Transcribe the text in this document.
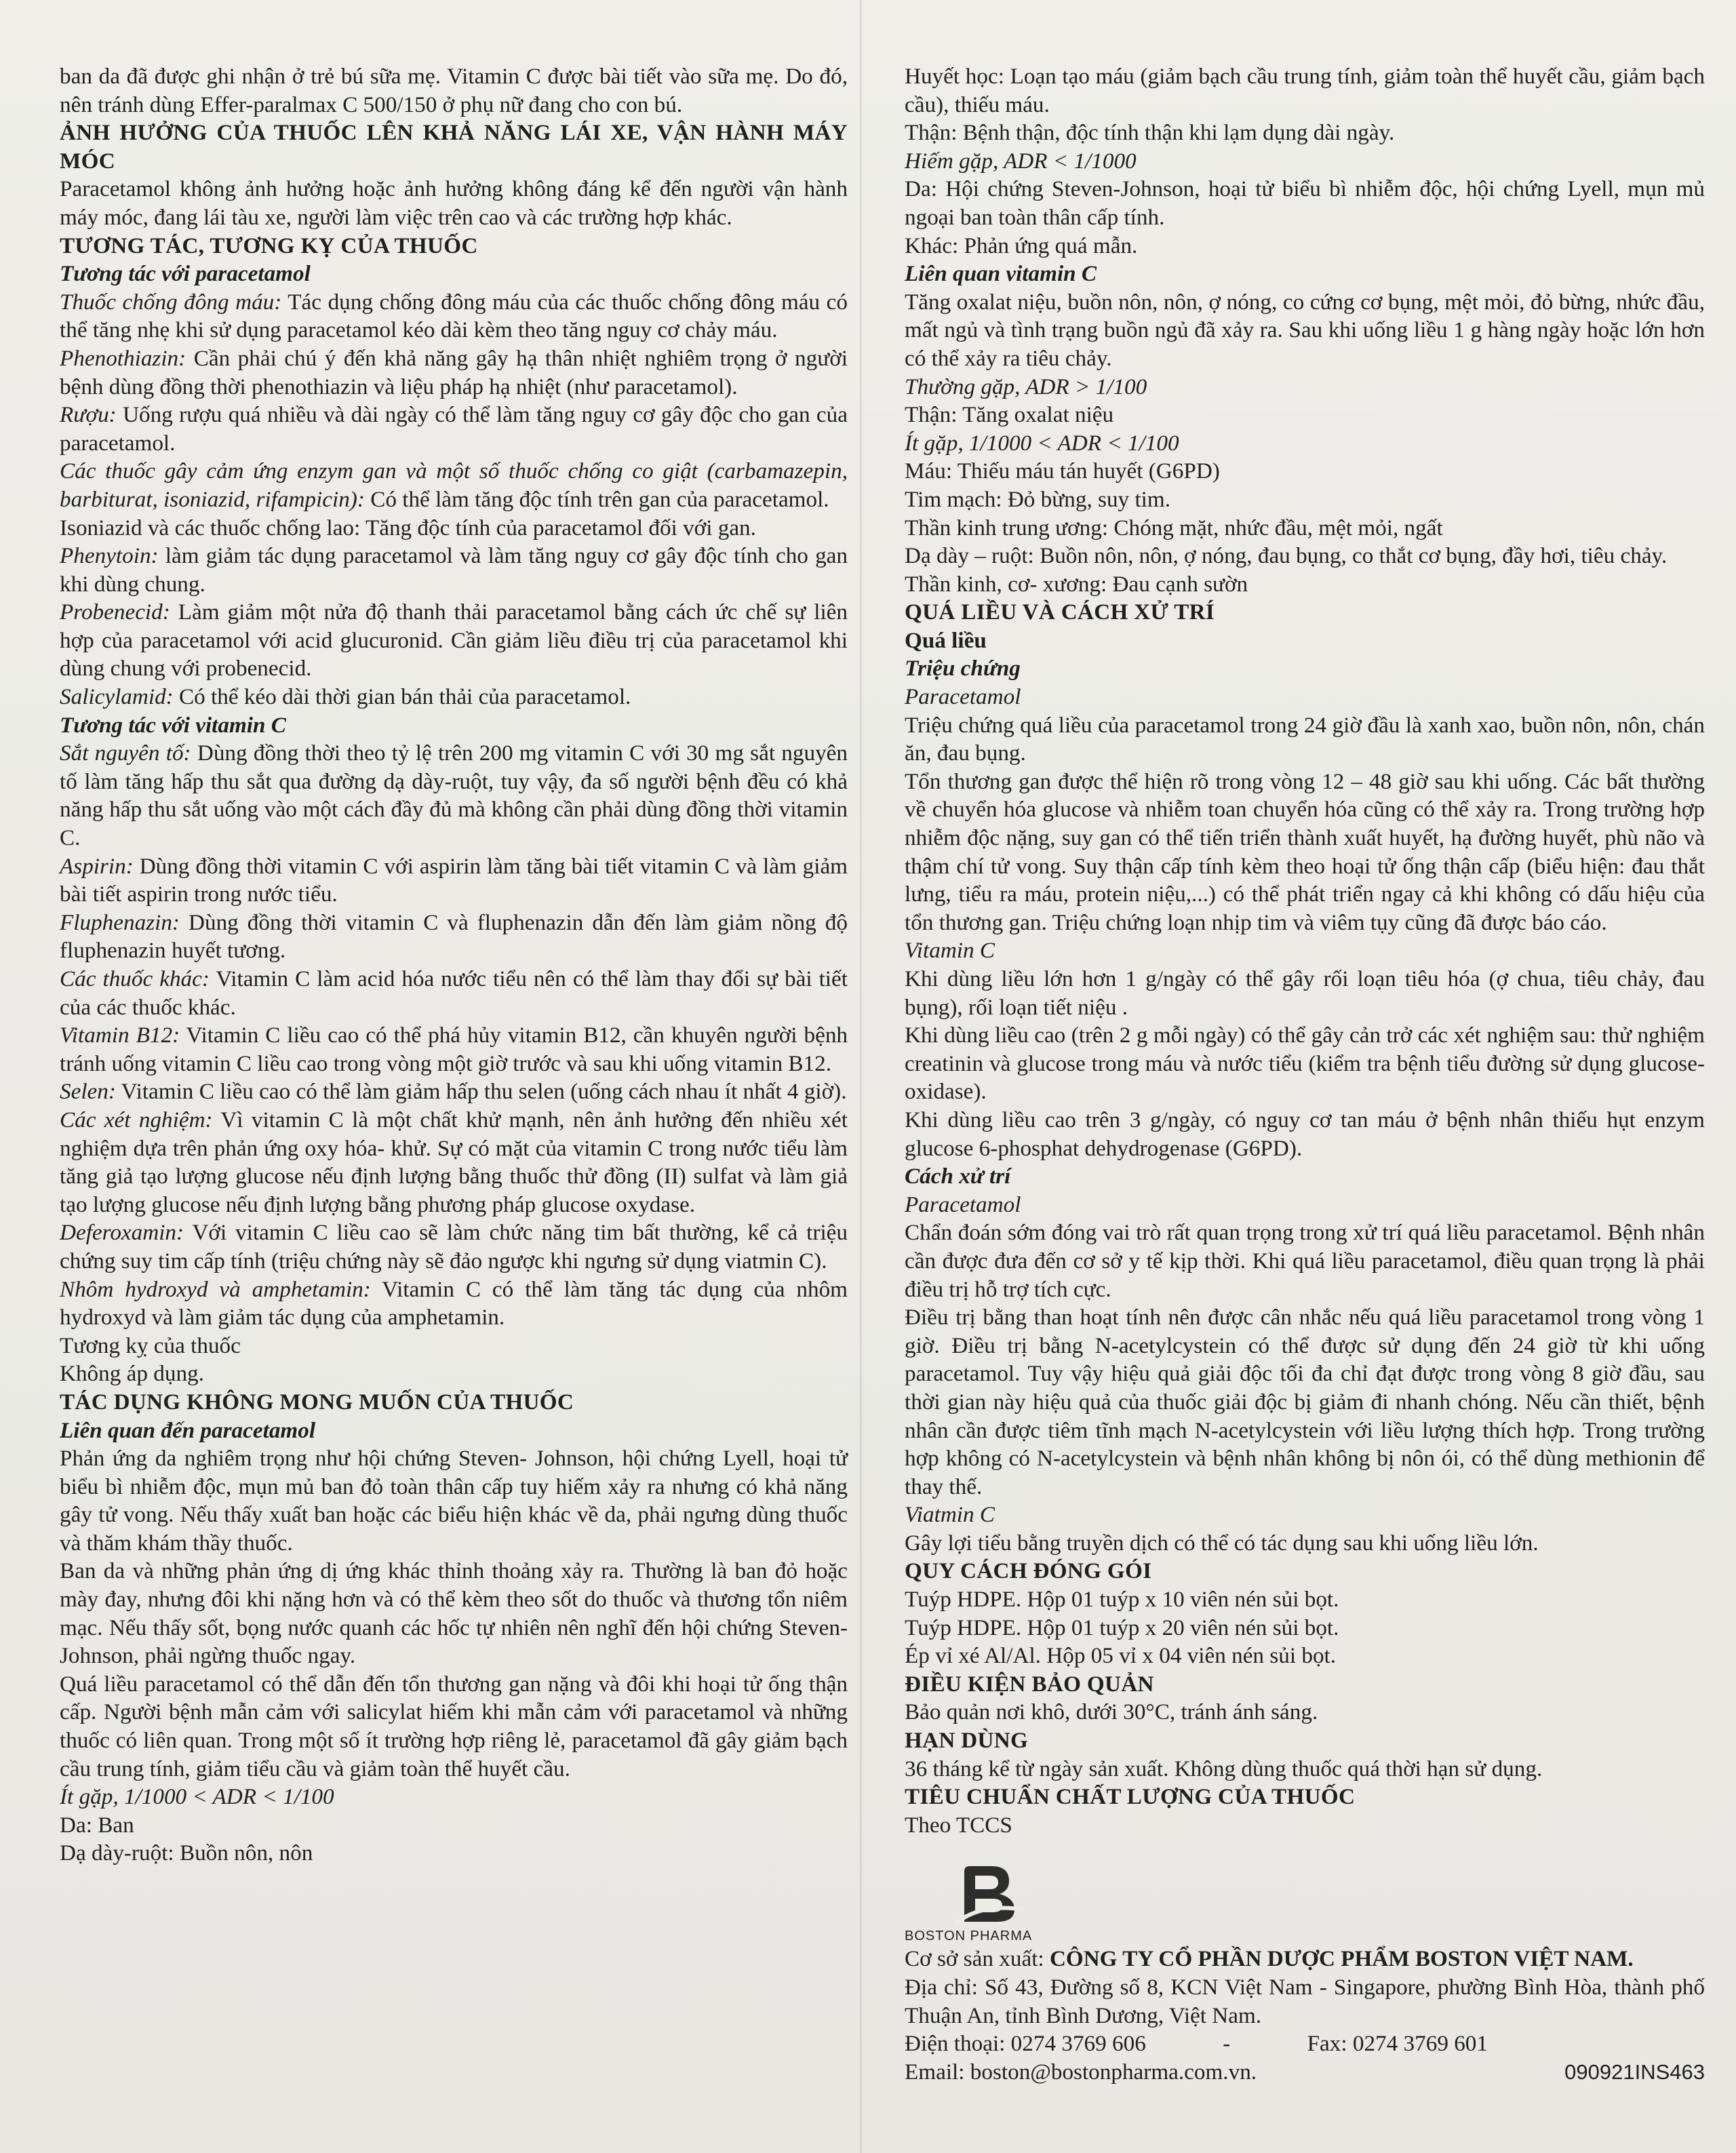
ban da đã được ghi nhận ở trẻ bú sữa mẹ. Vitamin C được bài tiết vào sữa mẹ. Do đó, nên tránh dùng Effer-paralmax C 500/150 ở phụ nữ đang cho con bú.

ẢNH HƯỞNG CỦA THUỐC LÊN KHẢ NĂNG LÁI XE, VẬN HÀNH MÁY MÓC

Paracetamol không ảnh hưởng hoặc ảnh hưởng không đáng kể đến người vận hành máy móc, đang lái tàu xe, người làm việc trên cao và các trường hợp khác.

TƯƠNG TÁC, TƯƠNG KỴ CỦA THUỐC

Tương tác với paracetamol

Thuốc chống đông máu: Tác dụng chống đông máu của các thuốc chống đông máu có thể tăng nhẹ khi sử dụng paracetamol kéo dài kèm theo tăng nguy cơ chảy máu.

Phenothiazin: Cần phải chú ý đến khả năng gây hạ thân nhiệt nghiêm trọng ở người bệnh dùng đồng thời phenothiazin và liệu pháp hạ nhiệt (như paracetamol).

Rượu: Uống rượu quá nhiều và dài ngày có thể làm tăng nguy cơ gây độc cho gan của paracetamol.

Các thuốc gây cảm ứng enzym gan và một số thuốc chống co giật (carbamazepin, barbiturat, isoniazid, rifampicin): Có thể làm tăng độc tính trên gan của paracetamol.

Isoniazid và các thuốc chống lao: Tăng độc tính của paracetamol đối với gan.

Phenytoin: làm giảm tác dụng paracetamol và làm tăng nguy cơ gây độc tính cho gan khi dùng chung.

Probenecid: Làm giảm một nửa độ thanh thải paracetamol bằng cách ức chế sự liên hợp của paracetamol với acid glucuronid. Cần giảm liều điều trị của paracetamol khi dùng chung với probenecid.

Salicylamid: Có thể kéo dài thời gian bán thải của paracetamol.

Tương tác với vitamin C

Sắt nguyên tố: Dùng đồng thời theo tỷ lệ trên 200 mg vitamin C với 30 mg sắt nguyên tố làm tăng hấp thu sắt qua đường dạ dày-ruột, tuy vậy, đa số người bệnh đều có khả năng hấp thu sắt uống vào một cách đầy đủ mà không cần phải dùng đồng thời vitamin C.

Aspirin: Dùng đồng thời vitamin C với aspirin làm tăng bài tiết vitamin C và làm giảm bài tiết aspirin trong nước tiểu.

Fluphenazin: Dùng đồng thời vitamin C và fluphenazin dẫn đến làm giảm nồng độ fluphenazin huyết tương.

Các thuốc khác: Vitamin C làm acid hóa nước tiểu nên có thể làm thay đổi sự bài tiết của các thuốc khác.

Vitamin B12: Vitamin C liều cao có thể phá hủy vitamin B12, cần khuyên người bệnh tránh uống vitamin C liều cao trong vòng một giờ trước và sau khi uống vitamin B12.

Selen: Vitamin C liều cao có thể làm giảm hấp thu selen (uống cách nhau ít nhất 4 giờ).

Các xét nghiệm: Vì vitamin C là một chất khử mạnh, nên ảnh hưởng đến nhiều xét nghiệm dựa trên phản ứng oxy hóa- khử. Sự có mặt của vitamin C trong nước tiểu làm tăng giả tạo lượng glucose nếu định lượng bằng thuốc thử đồng (II) sulfat và làm giả tạo lượng glucose nếu định lượng bằng phương pháp glucose oxydase.

Deferoxamin: Với vitamin C liều cao sẽ làm chức năng tim bất thường, kể cả triệu chứng suy tim cấp tính (triệu chứng này sẽ đảo ngược khi ngưng sử dụng viatmin C).

Nhôm hydroxyd và amphetamin: Vitamin C có thể làm tăng tác dụng của nhôm hydroxyd và làm giảm tác dụng của amphetamin.

Tương kỵ của thuốc

Không áp dụng.

TÁC DỤNG KHÔNG MONG MUỐN CỦA THUỐC

Liên quan đến paracetamol

Phản ứng da nghiêm trọng như hội chứng Steven- Johnson, hội chứng Lyell, hoại tử biểu bì nhiễm độc, mụn mủ ban đỏ toàn thân cấp tuy hiếm xảy ra nhưng có khả năng gây tử vong. Nếu thấy xuất ban hoặc các biểu hiện khác về da, phải ngưng dùng thuốc và thăm khám thầy thuốc.

Ban da và những phản ứng dị ứng khác thỉnh thoảng xảy ra. Thường là ban đỏ hoặc mày đay, nhưng đôi khi nặng hơn và có thể kèm theo sốt do thuốc và thương tổn niêm mạc. Nếu thấy sốt, bọng nước quanh các hốc tự nhiên nên nghĩ đến hội chứng Steven-Johnson, phải ngừng thuốc ngay.

Quá liều paracetamol có thể dẫn đến tổn thương gan nặng và đôi khi hoại tử ống thận cấp. Người bệnh mẫn cảm với salicylat hiếm khi mẫn cảm với paracetamol và những thuốc có liên quan. Trong một số ít trường hợp riêng lẻ, paracetamol đã gây giảm bạch cầu trung tính, giảm tiểu cầu và giảm toàn thể huyết cầu.

Ít gặp, 1/1000 < ADR < 1/100

Da: Ban

Dạ dày-ruột: Buồn nôn, nôn

Huyết học: Loạn tạo máu (giảm bạch cầu trung tính, giảm toàn thể huyết cầu, giảm bạch cầu), thiếu máu.

Thận: Bệnh thận, độc tính thận khi lạm dụng dài ngày.

Hiếm gặp, ADR < 1/1000

Da: Hội chứng Steven-Johnson, hoại tử biểu bì nhiễm độc, hội chứng Lyell, mụn mủ ngoại ban toàn thân cấp tính.

Khác: Phản ứng quá mẫn.

Liên quan vitamin C

Tăng oxalat niệu, buồn nôn, nôn, ợ nóng, co cứng cơ bụng, mệt mỏi, đỏ bừng, nhức đầu, mất ngủ và tình trạng buồn ngủ đã xảy ra. Sau khi uống liều 1 g hàng ngày hoặc lớn hơn có thể xảy ra tiêu chảy.

Thường gặp, ADR > 1/100

Thận: Tăng oxalat niệu

Ít gặp, 1/1000 < ADR < 1/100

Máu: Thiếu máu tán huyết (G6PD)

Tim mạch: Đỏ bừng, suy tim.

Thần kinh trung ương: Chóng mặt, nhức đầu, mệt mỏi, ngất

Dạ dày – ruột: Buồn nôn, nôn, ợ nóng, đau bụng, co thắt cơ bụng, đầy hơi, tiêu chảy.

Thần kinh, cơ- xương: Đau cạnh sườn

QUÁ LIỀU VÀ CÁCH XỬ TRÍ

Quá liều

Triệu chứng

Paracetamol

Triệu chứng quá liều của paracetamol trong 24 giờ đầu là xanh xao, buồn nôn, nôn, chán ăn, đau bụng.

Tổn thương gan được thể hiện rõ trong vòng 12 – 48 giờ sau khi uống. Các bất thường về chuyển hóa glucose và nhiễm toan chuyển hóa cũng có thể xảy ra. Trong trường hợp nhiễm độc nặng, suy gan có thể tiến triển thành xuất huyết, hạ đường huyết, phù não và thậm chí tử vong. Suy thận cấp tính kèm theo hoại tử ống thận cấp (biểu hiện: đau thắt lưng, tiểu ra máu, protein niệu,...) có thể phát triển ngay cả khi không có dấu hiệu của tổn thương gan. Triệu chứng loạn nhịp tim và viêm tụy cũng đã được báo cáo.

Vitamin C

Khi dùng liều lớn hơn 1 g/ngày có thể gây rối loạn tiêu hóa (ợ chua, tiêu chảy, đau bụng), rối loạn tiết niệu .

Khi dùng liều cao (trên 2 g mỗi ngày) có thể gây cản trở các xét nghiệm sau: thử nghiệm creatinin và glucose trong máu và nước tiểu (kiểm tra bệnh tiểu đường sử dụng glucose-oxidase).

Khi dùng liều cao trên 3 g/ngày, có nguy cơ tan máu ở bệnh nhân thiếu hụt enzym glucose 6-phosphat dehydrogenase (G6PD).

Cách xử trí

Paracetamol

Chẩn đoán sớm đóng vai trò rất quan trọng trong xử trí quá liều paracetamol. Bệnh nhân cần được đưa đến cơ sở y tế kịp thời. Khi quá liều paracetamol, điều quan trọng là phải điều trị hỗ trợ tích cực.

Điều trị bằng than hoạt tính nên được cân nhắc nếu quá liều paracetamol trong vòng 1 giờ. Điều trị bằng N-acetylcystein có thể được sử dụng đến 24 giờ từ khi uống paracetamol. Tuy vậy hiệu quả giải độc tối đa chỉ đạt được trong vòng 8 giờ đầu, sau thời gian này hiệu quả của thuốc giải độc bị giảm đi nhanh chóng. Nếu cần thiết, bệnh nhân cần được tiêm tĩnh mạch N-acetylcystein với liều lượng thích hợp. Trong trường hợp không có N-acetylcystein và bệnh nhân không bị nôn ói, có thể dùng methionin để thay thế.

Viatmin C

Gây lợi tiểu bằng truyền dịch có thể có tác dụng sau khi uống liều lớn.

QUY CÁCH ĐÓNG GÓI

Tuýp HDPE. Hộp 01 tuýp x 10 viên nén sủi bọt.

Tuýp HDPE. Hộp 01 tuýp x 20 viên nén sủi bọt.

Ép vỉ xé Al/Al. Hộp 05 vỉ x 04 viên nén sủi bọt.

ĐIỀU KIỆN BẢO QUẢN

Bảo quản nơi khô, dưới 30°C, tránh ánh sáng.

HẠN DÙNG

36 tháng kể từ ngày sản xuất. Không dùng thuốc quá thời hạn sử dụng.

TIÊU CHUẨN CHẤT LƯỢNG CỦA THUỐC

Theo TCCS

BOSTON PHARMA

Cơ sở sản xuất: CÔNG TY CỔ PHẦN DƯỢC PHẨM BOSTON VIỆT NAM.

Địa chỉ: Số 43, Đường số 8, KCN Việt Nam - Singapore, phường Bình Hòa, thành phố Thuận An, tỉnh Bình Dương, Việt Nam.

Điện thoại: 0274 3769 606	-	Fax: 0274 3769 601
Email: boston@bostonpharma.com.vn.	090921INS463
